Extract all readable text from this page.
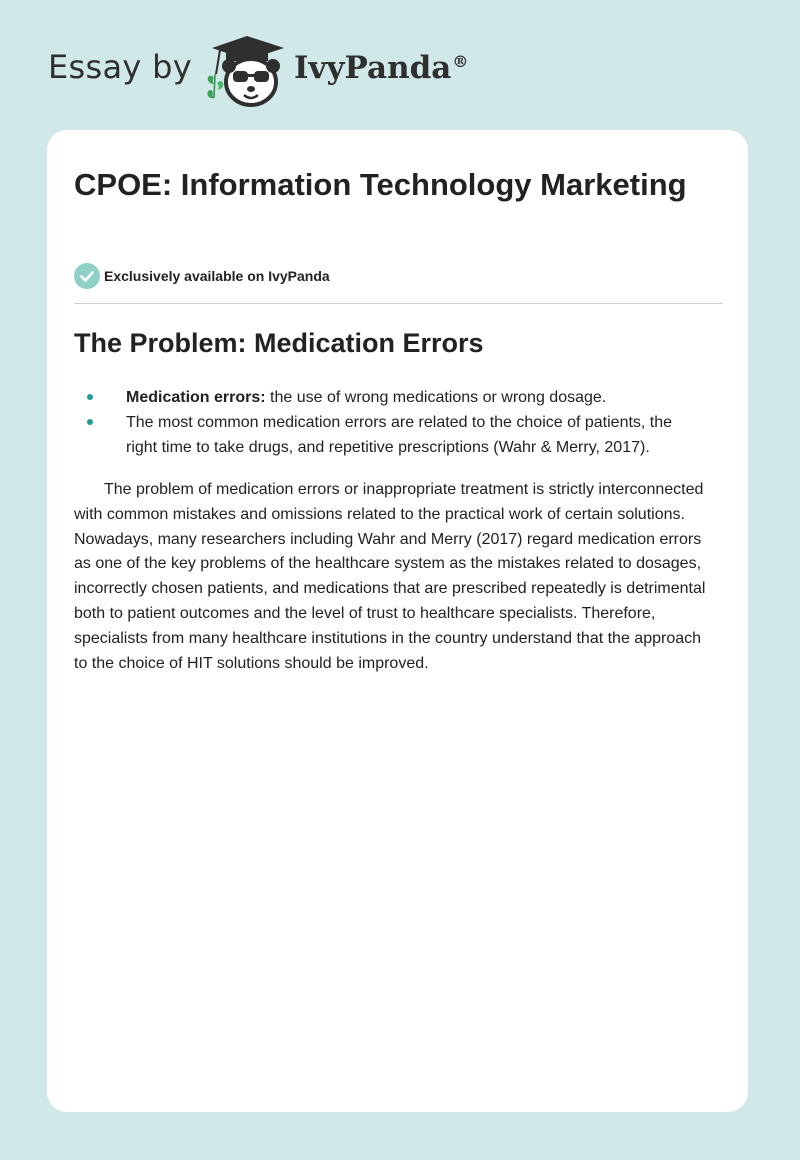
Essay by	IvyPanda®
CPOE: Information Technology Marketing
Exclusively available on IvyPanda
The Problem: Medication Errors
Medication errors: the use of wrong medications or wrong dosage.
The most common medication errors are related to the choice of patients, the right time to take drugs, and repetitive prescriptions (Wahr & Merry, 2017).

The problem of medication errors or inappropriate treatment is strictly interconnected with common mistakes and omissions related to the practical work of certain solutions. Nowadays, many researchers including Wahr and Merry (2017) regard medication errors as one of the key problems of the healthcare system as the mistakes related to dosages, incorrectly chosen patients, and medications that are prescribed repeatedly is detrimental both to patient outcomes and the level of trust to healthcare specialists. Therefore, specialists from many healthcare institutions in the country understand that the approach to the choice of HIT solutions should be improved.
